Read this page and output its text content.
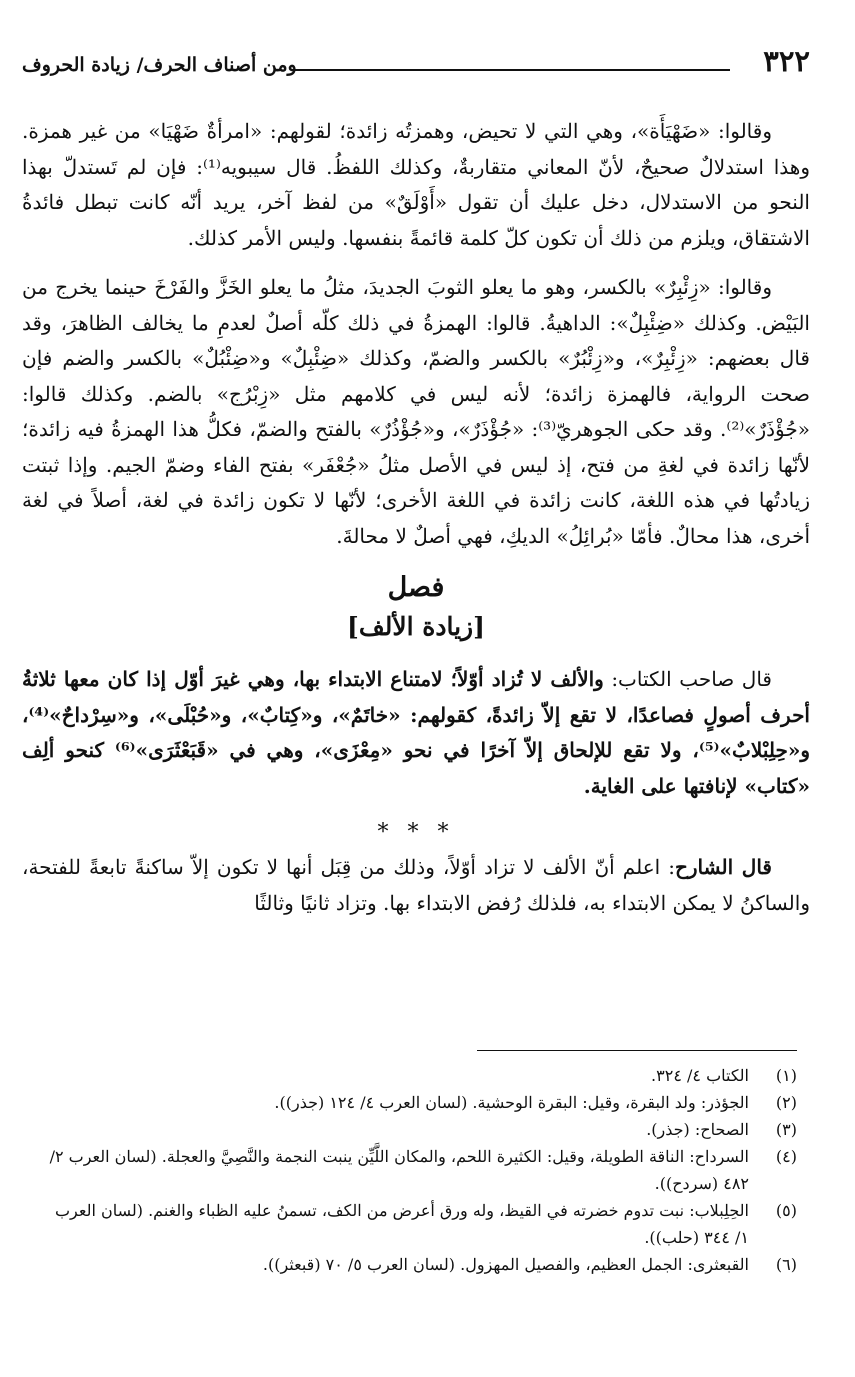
٣٢٢
ومن أصناف الحرف/ زيادة الحروف

وقالوا: «ضَهْيَأَة»، وهي التي لا تحيض، وهمزتُه زائدة؛ لقولهم: «امرأةٌ ضَهْيَا» من غير همزة. وهذا استدلالٌ صحيحٌ، لأنّ المعاني متقاربةٌ، وكذلك اللفظُ. قال سيبويه⁽¹⁾: فإن لم تَستدلّ بهذا النحو من الاستدلال، دخل عليك أن تقول «أَوْلَقٌ» من لفظ آخر، يريد أنّه كانت تبطل فائدةُ الاشتقاق، ويلزم من ذلك أن تكون كلّ كلمة قائمةً بنفسها. وليس الأمر كذلك.

وقالوا: «زِئْبِرٌ» بالكسر، وهو ما يعلو الثوبَ الجديدَ، مثلُ ما يعلو الخَزَّ والفَرْخَ حينما يخرج من البَيْض. وكذلك «ضِئْبِلٌ»: الداهيةُ. قالوا: الهمزةُ في ذلك كلّه أصلٌ لعدمِ ما يخالف الظاهرَ، وقد قال بعضهم: «زِئْبِرٌ»، و«زِئْبُرٌ» بالكسر والضمّ، وكذلك «ضِئْبِلٌ» و«ضِئْبُلٌ» بالكسر والضم فإن صحت الرواية، فالهمزة زائدة؛ لأنه ليس في كلامهم مثل «زِبْرُج» بالضم. وكذلك قالوا: «جُؤْذَرٌ»⁽²⁾. وقد حكى الجوهريّ⁽³⁾: «جُؤْذَرٌ»، و«جُؤْذُرٌ» بالفتح والضمّ، فكلُّ هذا الهمزةُ فيه زائدة؛ لأنّها زائدة في لغةِ من فتح، إذ ليس في الأصل مثلُ «جُعْفَر» بفتح الفاء وضمّ الجيم. وإذا ثبتت زيادتُها في هذه اللغة، كانت زائدة في اللغة الأخرى؛ لأنّها لا تكون زائدة في لغة، أصلاً في لغة أخرى، هذا محالٌ. فأمّا «بُرائِلُ» الديكِ، فهي أصلٌ لا محالةَ.

فصل
[زيادة الألف]

قال صاحب الكتاب: والألف لا تُزاد أوّلاً؛ لامتناع الابتداء بها، وهي غيرَ أوّل إذا كان معها ثلاثةُ أحرف أصولٍ فصاعدًا، لا تقع إلاّ زائدةً، كقولهم: «خاتَمٌ»، و«كِتابٌ»، و«حُبْلَى»، و«سِرْداحٌ»⁽⁴⁾، و«حِلِبْلابٌ»⁽⁵⁾، ولا تقع للإلحاق إلاّ آخرًا في نحو «مِعْزَى»، وهي في «قَبَعْثَرَى»⁽⁶⁾ كنحو ألِف «كتاب» لإنافتها على الغاية.

* * *

قال الشارح: اعلم أنّ الألف لا تزاد أوّلاً، وذلك من قِبَل أنها لا تكون إلاّ ساكنةً تابعةً للفتحة، والساكنُ لا يمكن الابتداء به، فلذلك رُفض الابتداء بها. وتزاد ثانيًا وثالثًا

(١)
الكتاب ٤/ ٣٢٤.
(٢)
الجؤذر: ولد البقرة، وقيل: البقرة الوحشية. (لسان العرب ٤/ ١٢٤ (جذر)).
(٣)
الصحاح: (جذر).
(٤)
السرداح: الناقة الطويلة، وقيل: الكثيرة اللحم، والمكان اللَّيِّن ينبت النجمة والنَّصِيَّ والعجلة. (لسان العرب ٢/ ٤٨٢ (سردح)).
(٥)
الحِلِبلاب: نبت تدوم خضرته في القيظ، وله ورق أعرض من الكف، تسمنُ عليه الظباء والغنم. (لسان العرب ١/ ٣٤٤ (حلب)).
(٦)
القبعثرى: الجمل العظيم، والفصيل المهزول. (لسان العرب ٥/ ٧٠ (قبعثر)).
